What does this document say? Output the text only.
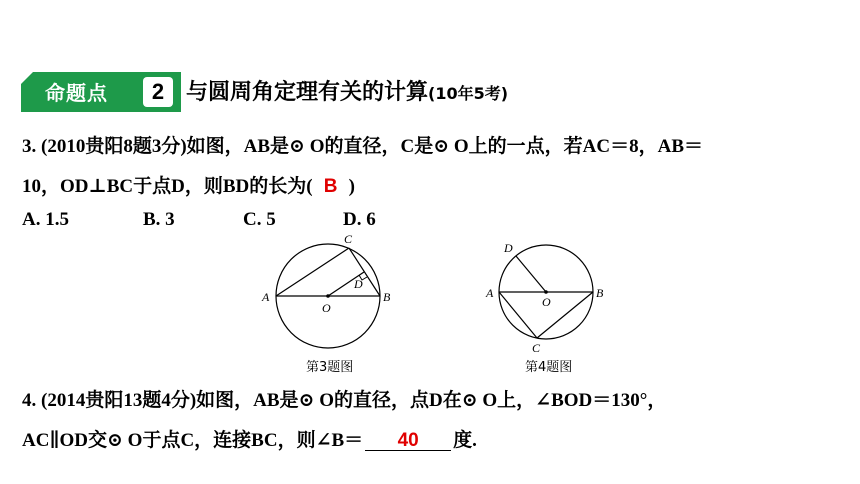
命题点	2 与圆周角定理有关的计算(10年5考)
3. (2010贵阳8题3分)如图，AB是⊙ O的直径，C是⊙ O上的一点，若AC＝8，AB＝
10，OD⊥BC于点D，则BD的长为( B )
A. 1.5	B. 3	C. 5	D. 6
A	B
C
D
O
第3题图
A	B
C
D
O
第4题图
4. (2014贵阳13题4分)如图，AB是⊙ O的直径，点D在⊙ O上，∠BOD＝130°，
AC∥OD交⊙ O于点C，连接BC，则∠B＝ 40 度.
